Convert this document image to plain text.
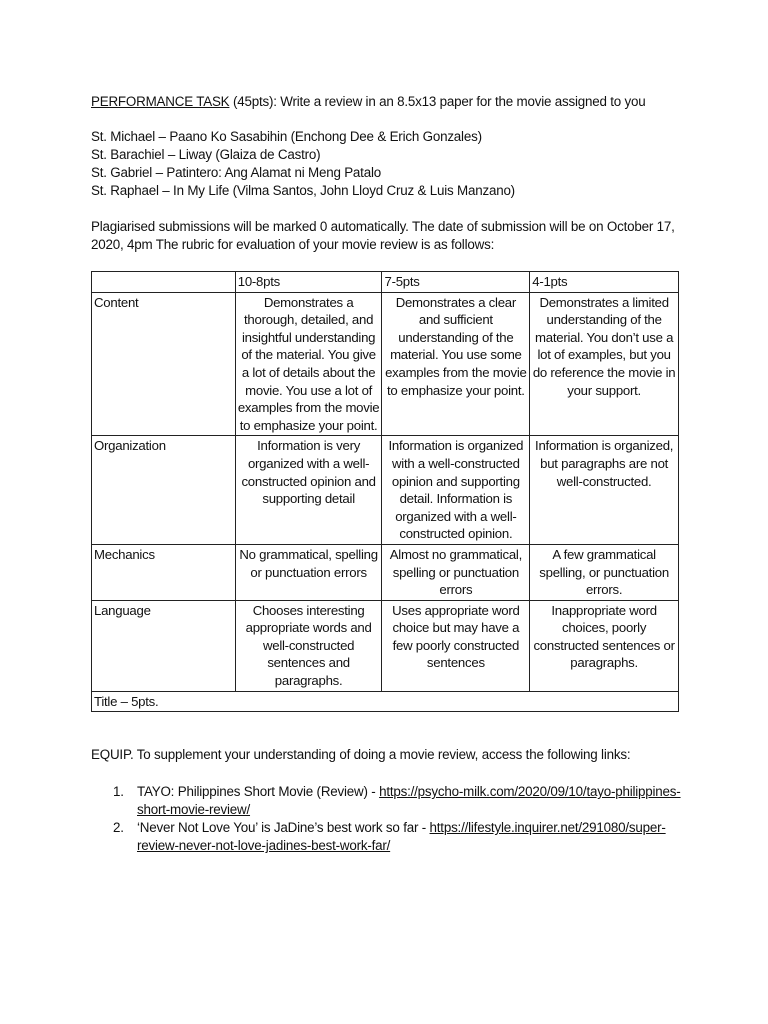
PERFORMANCE TASK (45pts): Write a review in an 8.5x13 paper for the movie assigned to you
St. Michael – Paano Ko Sasabihin (Enchong Dee & Erich Gonzales)
St. Barachiel – Liway (Glaiza de Castro)
St. Gabriel – Patintero: Ang Alamat ni Meng Patalo
St. Raphael – In My Life (Vilma Santos, John Lloyd Cruz & Luis Manzano)
Plagiarised submissions will be marked 0 automatically. The date of submission will be on October 17,
2020, 4pm The rubric for evaluation of your movie review is as follows:
	10-8pts	7-5pts	4-1pts
Content	Demonstrates a thorough, detailed, and insightful understanding of the material. You give a lot of details about the movie. You use a lot of examples from the movie to emphasize your point.	Demonstrates a clear and sufficient understanding of the material. You use some examples from the movie to emphasize your point.	Demonstrates a limited understanding of the material. You don’t use a lot of examples, but you do reference the movie in your support.
Organization	Information is very organized with a well-constructed opinion and supporting detail	Information is organized with a well-constructed opinion and supporting detail. Information is organized with a well-constructed opinion.	Information is organized, but paragraphs are not well-constructed.
Mechanics	No grammatical, spelling or punctuation errors	Almost no grammatical, spelling or punctuation errors	A few grammatical spelling, or punctuation errors.
Language	Chooses interesting appropriate words and well-constructed sentences and paragraphs.	Uses appropriate word choice but may have a few poorly constructed sentences	Inappropriate word choices, poorly constructed sentences or paragraphs.
Title – 5pts.			
EQUIP. To supplement your understanding of doing a movie review, access the following links:
1. TAYO: Philippines Short Movie (Review) - https://psycho-milk.com/2020/09/10/tayo-philippines-
short-movie-review/
2. ‘Never Not Love You’ is JaDine’s best work so far - https://lifestyle.inquirer.net/291080/super-
review-never-not-love-jadines-best-work-far/
